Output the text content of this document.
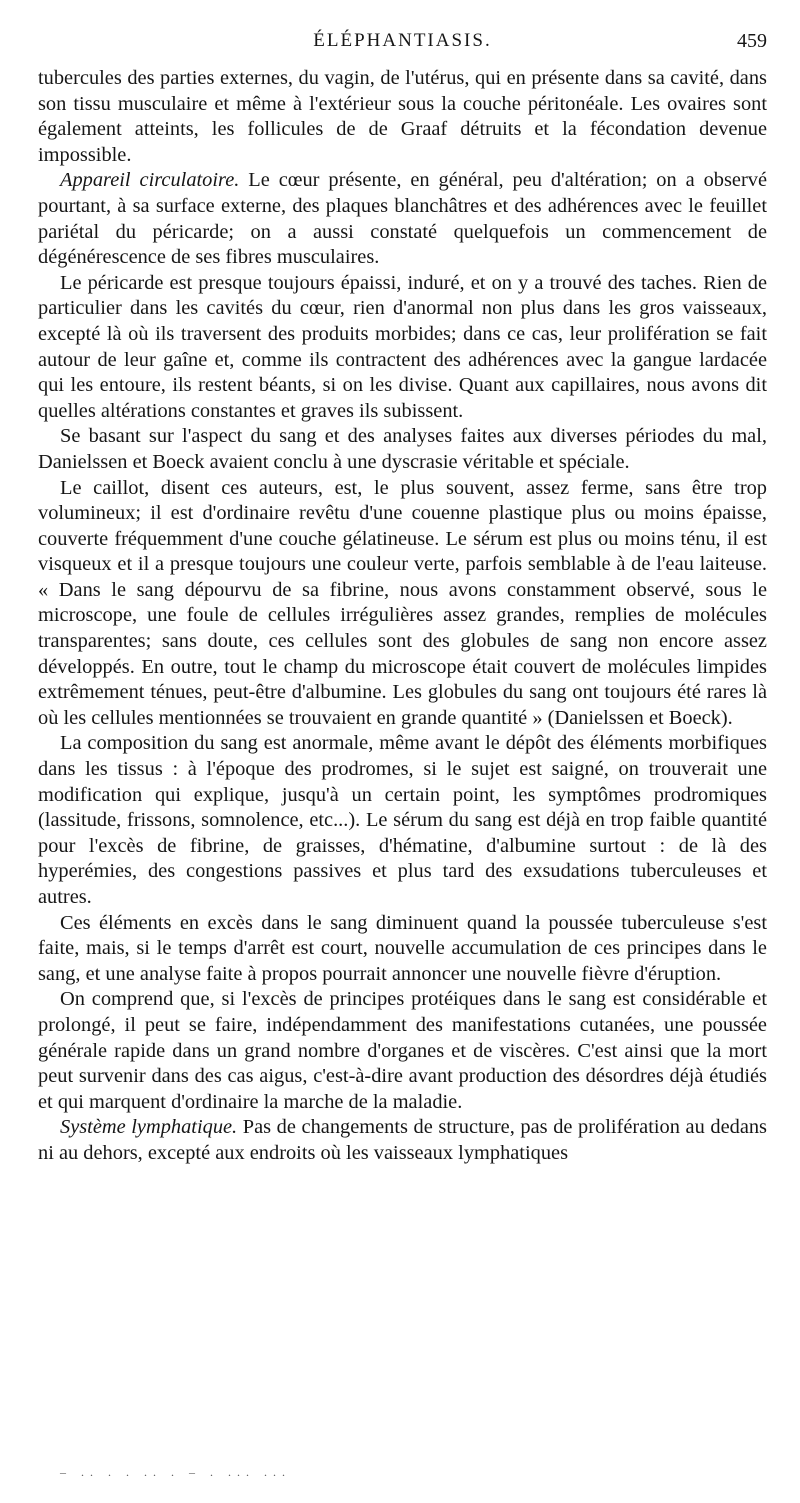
ÉLÉPHANTIASIS.	459

tubercules des parties externes, du vagin, de l'utérus, qui en présente dans sa cavité, dans son tissu musculaire et même à l'extérieur sous la couche péritonéale. Les ovaires sont également atteints, les follicules de de Graaf détruits et la fécondation devenue impossible.

Appareil circulatoire. Le cœur présente, en général, peu d'altération; on a observé pourtant, à sa surface externe, des plaques blanchâtres et des adhérences avec le feuillet pariétal du péricarde; on a aussi constaté quelquefois un commencement de dégénérescence de ses fibres musculaires.

Le péricarde est presque toujours épaissi, induré, et on y a trouvé des taches. Rien de particulier dans les cavités du cœur, rien d'anormal non plus dans les gros vaisseaux, excepté là où ils traversent des produits morbides; dans ce cas, leur prolifération se fait autour de leur gaîne et, comme ils contractent des adhérences avec la gangue lardacée qui les entoure, ils restent béants, si on les divise. Quant aux capillaires, nous avons dit quelles altérations constantes et graves ils subissent.

Se basant sur l'aspect du sang et des analyses faites aux diverses périodes du mal, Danielssen et Boeck avaient conclu à une dyscrasie véritable et spéciale.

Le caillot, disent ces auteurs, est, le plus souvent, assez ferme, sans être trop volumineux; il est d'ordinaire revêtu d'une couenne plastique plus ou moins épaisse, couverte fréquemment d'une couche gélatineuse. Le sérum est plus ou moins ténu, il est visqueux et il a presque toujours une couleur verte, parfois semblable à de l'eau laiteuse. « Dans le sang dépourvu de sa fibrine, nous avons constamment observé, sous le microscope, une foule de cellules irrégulières assez grandes, remplies de molécules transparentes; sans doute, ces cellules sont des globules de sang non encore assez développés. En outre, tout le champ du microscope était couvert de molécules limpides extrêmement ténues, peut-être d'albumine. Les globules du sang ont toujours été rares là où les cellules mentionnées se trouvaient en grande quantité » (Danielssen et Boeck).

La composition du sang est anormale, même avant le dépôt des éléments morbifiques dans les tissus : à l'époque des prodromes, si le sujet est saigné, on trouverait une modification qui explique, jusqu'à un certain point, les symptômes prodromiques (lassitude, frissons, somnolence, etc...). Le sérum du sang est déjà en trop faible quantité pour l'excès de fibrine, de graisses, d'hématine, d'albumine surtout : de là des hyperémies, des congestions passives et plus tard des exsudations tuberculeuses et autres.

Ces éléments en excès dans le sang diminuent quand la poussée tuberculeuse s'est faite, mais, si le temps d'arrêt est court, nouvelle accumulation de ces principes dans le sang, et une analyse faite à propos pourrait annoncer une nouvelle fièvre d'éruption.

On comprend que, si l'excès de principes protéiques dans le sang est considérable et prolongé, il peut se faire, indépendamment des manifestations cutanées, une poussée générale rapide dans un grand nombre d'organes et de viscères. C'est ainsi que la mort peut survenir dans des cas aigus, c'est-à-dire avant production des désordres déjà étudiés et qui marquent d'ordinaire la marche de la maladie.

Système lymphatique. Pas de changements de structure, pas de prolifération au dedans ni au dehors, excepté aux endroits où les vaisseaux lymphatiques

– .. . . .. . – . ... ...
